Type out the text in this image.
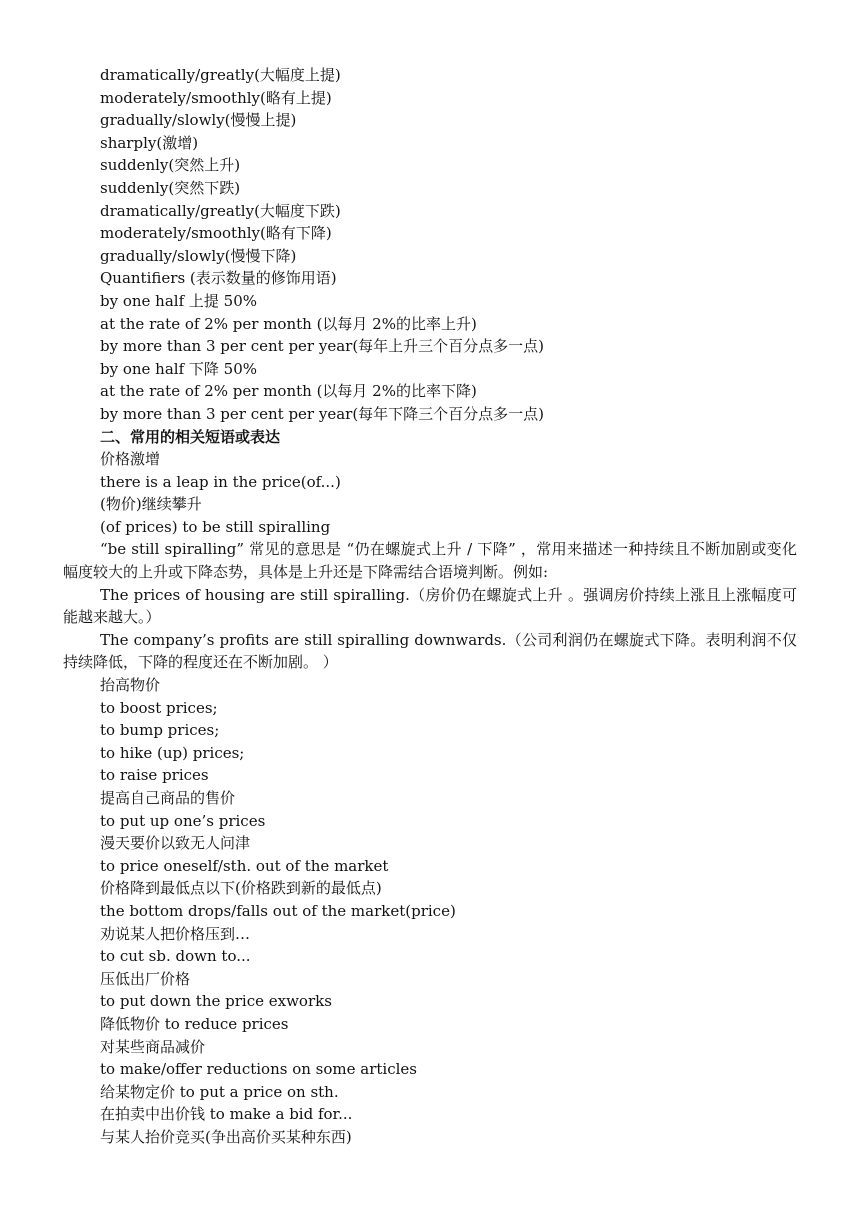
dramatically/greatly(大幅度上提)
moderately/smoothly(略有上提)
gradually/slowly(慢慢上提)
sharply(激增)
suddenly(突然上升)
suddenly(突然下跌)
dramatically/greatly(大幅度下跌)
moderately/smoothly(略有下降)
gradually/slowly(慢慢下降)
Quantifiers (表示数量的修饰用语)
by one half 上提 50%
at the rate of 2% per month (以每月 2%的比率上升)
by more than 3 per cent per year(每年上升三个百分点多一点)
by one half 下降 50%
at the rate of 2% per month (以每月 2%的比率下降)
by more than 3 per cent per year(每年下降三个百分点多一点)
二、常用的相关短语或表达
价格激增
there is a leap in the price(of...)
(物价)继续攀升
(of prices) to be still spiralling
“be still spiralling” 常见的意思是 “仍在螺旋式上升 / 下降” ，常用来描述一种持续且不断加剧或变化幅度较大的上升或下降态势，具体是上升还是下降需结合语境判断。例如:
The prices of housing are still spiralling.（房价仍在螺旋式上升 。强调房价持续上涨且上涨幅度可能越来越大。）
The company’s profits are still spiralling downwards.（公司利润仍在螺旋式下降。表明利润不仅持续降低，下降的程度还在不断加剧。 ）
抬高物价
to boost prices;
to bump prices;
to hike (up) prices;
to raise prices
提高自己商品的售价
to put up one’s prices
漫天要价以致无人问津
to price oneself/sth. out of the market
价格降到最低点以下(价格跌到新的最低点)
the bottom drops/falls out of the market(price)
劝说某人把价格压到…
to cut sb. down to...
压低出厂价格
to put down the price exworks
降低物价 to reduce prices
对某些商品减价
to make/offer reductions on some articles
给某物定价 to put a price on sth.
在拍卖中出价钱 to make a bid for...
与某人抬价竞买(争出高价买某种东西)
